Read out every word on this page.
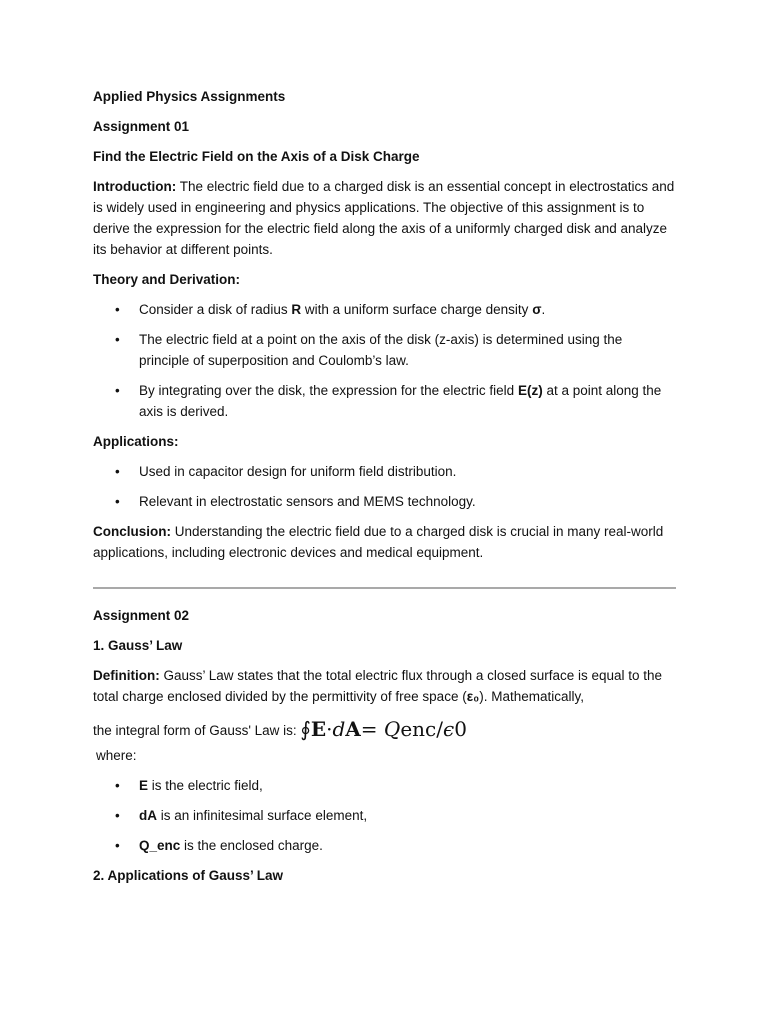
Applied Physics Assignments

Assignment 01

Find the Electric Field on the Axis of a Disk Charge

Introduction: The electric field due to a charged disk is an essential concept in electrostatics and is widely used in engineering and physics applications. The objective of this assignment is to derive the expression for the electric field along the axis of a uniformly charged disk and analyze its behavior at different points.

Theory and Derivation:

• Consider a disk of radius R with a uniform surface charge density σ.
• The electric field at a point on the axis of the disk (z-axis) is determined using the principle of superposition and Coulomb’s law.
• By integrating over the disk, the expression for the electric field E(z) at a point along the axis is derived.

Applications:

• Used in capacitor design for uniform field distribution.
• Relevant in electrostatic sensors and MEMS technology.

Conclusion: Understanding the electric field due to a charged disk is crucial in many real-world applications, including electronic devices and medical equipment.

Assignment 02

1. Gauss’ Law

Definition: Gauss’ Law states that the total electric flux through a closed surface is equal to the total charge enclosed divided by the permittivity of free space (ε₀). Mathematically,

the integral form of Gauss' Law is: ∮E·dA= Qenc/ϵ0

where:

• E is the electric field,
• dA is an infinitesimal surface element,
• Q_enc is the enclosed charge.

2. Applications of Gauss’ Law
